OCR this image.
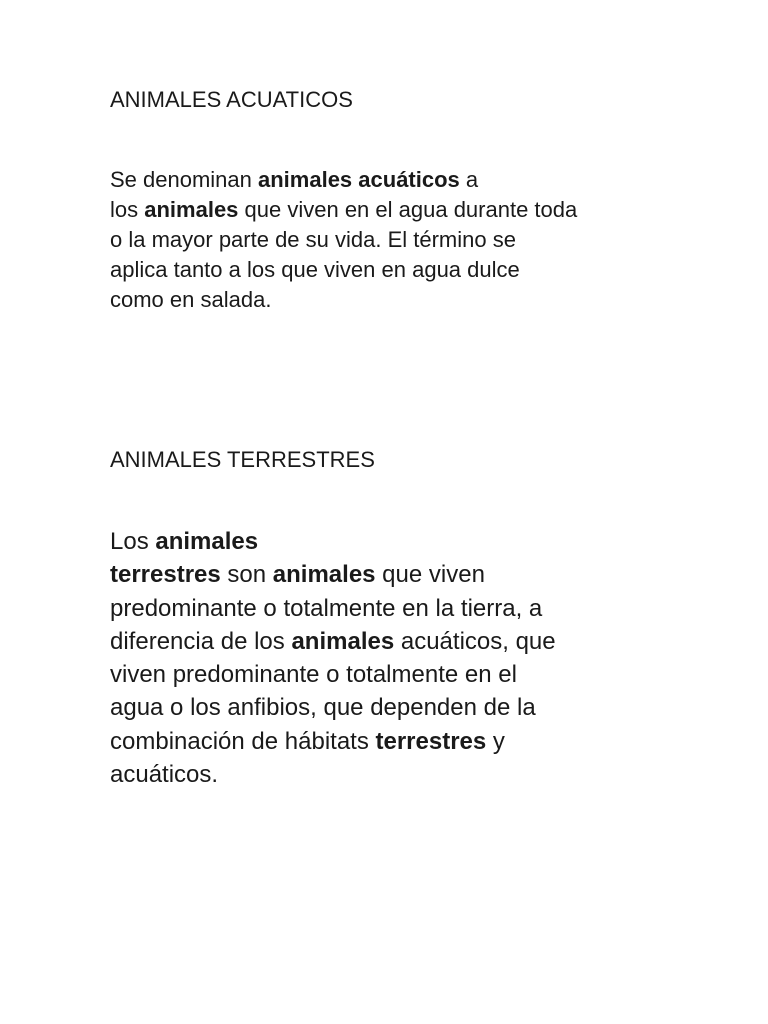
ANIMALES ACUATICOS

Se denominan animales acuáticos a
los animales que viven en el agua durante toda
o la mayor parte de su vida. El término se
aplica tanto a los que viven en agua dulce
como en salada.

ANIMALES TERRESTRES

Los animales
terrestres son animales que viven
predominante o totalmente en la tierra, a
diferencia de los animales acuáticos, que
viven predominante o totalmente en el
agua o los anfibios, que dependen de la
combinación de hábitats terrestres y
acuáticos.
